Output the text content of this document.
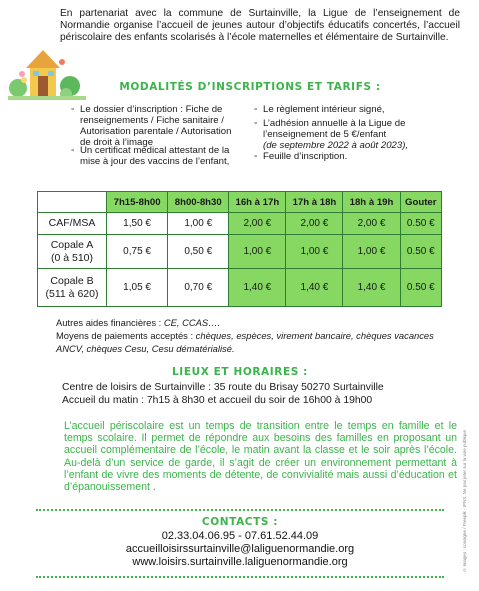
En partenariat avec la commune de Surtainville, la Ligue de l’enseignement de Normandie organise l’accueil de jeunes autour d’objectifs éducatifs concertés, l’accueil périscolaire des enfants scolarisés à l’école maternelles et élémentaire de Surtainville.
MODALITÉS D’INSCRIPTIONS ET TARIFS :
◦ Le dossier d’inscription : Fiche de renseignements / Fiche sanitaire / Autorisation parentale / Autorisation de droit à l’image
◦ Un certificat médical attestant de la mise à jour des vaccins de l’enfant,
◦ Le règlement intérieur signé,
◦ L’adhésion annuelle à la Ligue de l’enseignement de 5 €/enfant
(de septembre 2022 à août 2023),
◦ Feuille d’inscription.
	7h15-8h00	8h00-8h30	16h à 17h	17h à 18h	18h à 19h	Gouter
CAF/MSA	1,50 €	1,00 €	2,00 €	2,00 €	2,00 €	0.50 €
Copale A
(0 à 510)	0,75 €	0,50 €	1,00 €	1,00 €	1,00 €	0.50 €
Copale B
(511 à 620)	1,05 €	0,70 €	1,40 €	1,40 €	1,40 €	0.50 €
Autres aides financières : CE, CCAS….
Moyens de paiements acceptés : chèques, espèces, virement bancaire, chèques vacances ANCV, chèques Cesu, Cesu dématérialisé.
LIEUX ET HORAIRES :
Centre de loisirs de Surtainville : 35 route du Brisay 50270 Surtainville
Accueil du matin : 7h15 à 8h30 et accueil du soir de 16h00 à 19h00
L’accueil périscolaire est un temps de transition entre le temps en famille et le temps scolaire. Il permet de répondre aux besoins des familles en proposant un accueil complémentaire de l’école, le matin avant la classe et le soir après l’école. Au-delà d’un service de garde, il s’agit de créer un environnement permettant à l’enfant de vivre des moments de détente, de convivialité mais aussi d’éducation et d’épanouissement .
CONTACTS :
02.33.04.06.95 - 07.61.52.44.09
accueilloisirssurtainville@laliguenormandie.org
www.loisirs.surtainville.laliguenormandie.org	© images : consigne / Freepik · IPNS, Ne pas jeter sur la voie publique
